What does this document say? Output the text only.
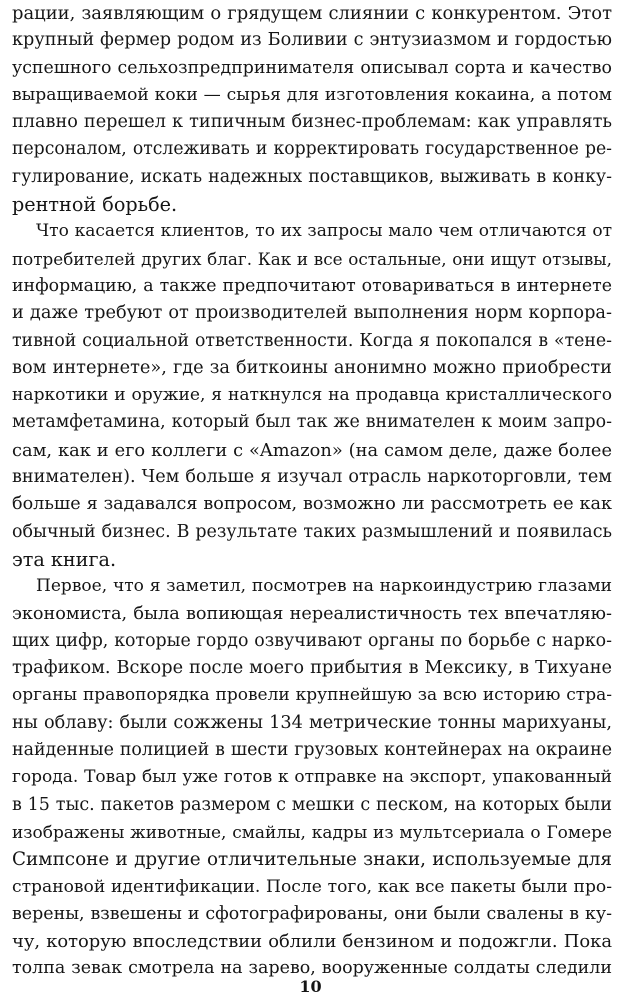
рации, заявляющим о грядущем слиянии с конкурентом. Этот
крупный фермер родом из Боливии с энтузиазмом и гордостью
успешного сельхозпредпринимателя описывал сорта и качество
выращиваемой коки — сырья для изготовления кокаина, а потом
плавно перешел к типичным бизнес-проблемам: как управлять
персоналом, отслеживать и корректировать государственное ре-
гулирование, искать надежных поставщиков, выживать в конку-
рентной борьбе.
Что касается клиентов, то их запросы мало чем отличаются от
потребителей других благ. Как и все остальные, они ищут отзывы,
информацию, а также предпочитают отовариваться в интернете
и даже требуют от производителей выполнения норм корпора-
тивной социальной ответственности. Когда я покопался в «тене-
вом интернете», где за биткоины анонимно можно приобрести
наркотики и оружие, я наткнулся на продавца кристаллического
метамфетамина, который был так же внимателен к моим запро-
сам, как и его коллеги с «Amazon» (на самом деле, даже более
внимателен). Чем больше я изучал отрасль наркоторговли, тем
больше я задавался вопросом, возможно ли рассмотреть ее как
обычный бизнес. В результате таких размышлений и появилась
эта книга.
Первое, что я заметил, посмотрев на наркоиндустрию глазами
экономиста, была вопиющая нереалистичность тех впечатляю-
щих цифр, которые гордо озвучивают органы по борьбе с нарко-
трафиком. Вскоре после моего прибытия в Мексику, в Тихуане
органы правопорядка провели крупнейшую за всю историю стра-
ны облаву: были сожжены 134 метрические тонны марихуаны,
найденные полицией в шести грузовых контейнерах на окраине
города. Товар был уже готов к отправке на экспорт, упакованный
в 15 тыс. пакетов размером с мешки с песком, на которых были
изображены животные, смайлы, кадры из мультсериала о Гомере
Симпсоне и другие отличительные знаки, используемые для
страновой идентификации. После того, как все пакеты были про-
верены, взвешены и сфотографированы, они были свалены в ку-
чу, которую впоследствии облили бензином и подожгли. Пока
толпа зевак смотрела на зарево, вооруженные солдаты следили
10
